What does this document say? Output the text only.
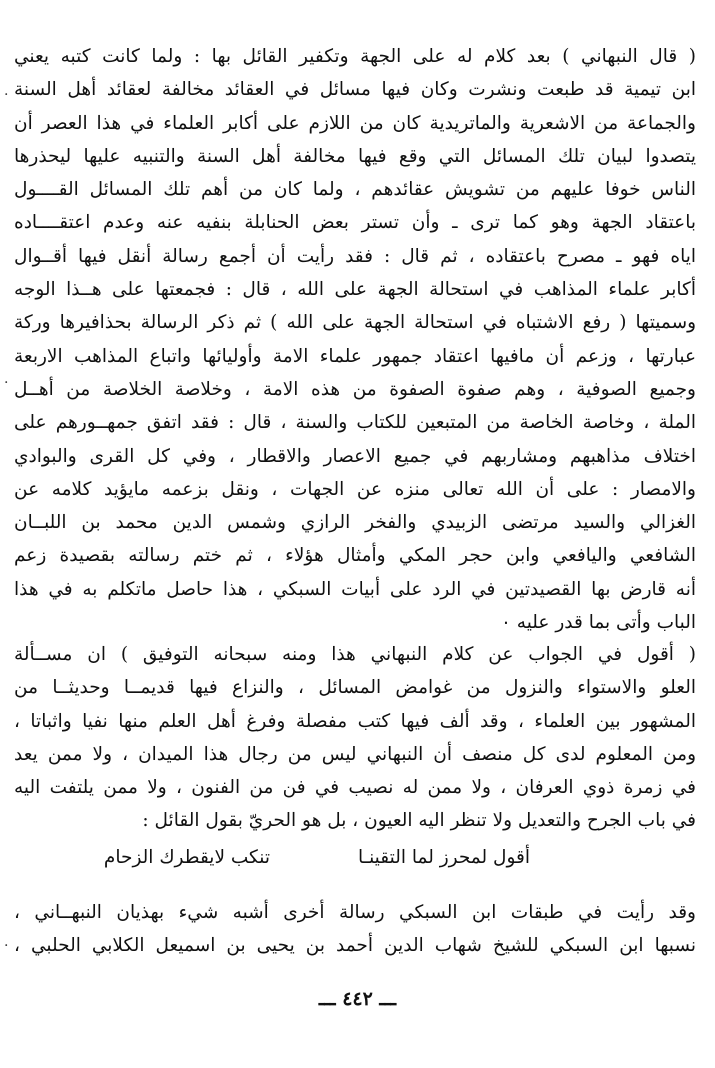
( قال النبهاني ) بعد كلام له على الجهة وتكفير القائل بها : ولما كانت كتبه يعني
ابن تيمية قد طبعت ونشرت وكان فيها مسائل في العقائد مخالفة لعقائد أهل السنة
والجماعة من الاشعرية والماتريدية كان من اللازم على أكابر العلماء في هذا العصر أن
يتصدوا لبيان تلك المسائل التي وقع فيها مخالفة أهل السنة والتنبيه عليها ليحذرها
الناس خوفا عليهم من تشويش عقائدهم ، ولما كان من أهم تلك المسائل القــــول
باعتقاد الجهة وهو كما ترى ـ وأن تستر بعض الحنابلة بنفيه عنه وعدم اعتقــــاده
اياه فهو ـ مصرح باعتقاده ، ثم قال : فقد رأيت أن أجمع رسالة أنقل فيها أقــوال
أكابر علماء المذاهب في استحالة الجهة على الله ، قال : فجمعتها على هــذا الوجه
وسميتها ( رفع الاشتباه في استحالة الجهة على الله ) ثم ذكر الرسالة بحذافيرها وركة
عبارتها ، وزعم أن مافيها اعتقاد جمهور علماء الامة وأوليائها واتباع المذاهب الاربعة
وجميع الصوفية ، وهم صفوة الصفوة من هذه الامة ، وخلاصة الخلاصة من أهــل
الملة ، وخاصة الخاصة من المتبعين للكتاب والسنة ، قال : فقد اتفق جمهــورهم على
اختلاف مذاهبهم ومشاربهم في جميع الاعصار والاقطار ، وفي كل القرى والبوادي
والامصار : على أن الله تعالى منزه عن الجهات ، ونقل بزعمه مايؤيد كلامه عن
الغزالي والسيد مرتضى الزبيدي والفخر الرازي وشمس الدين محمد بن اللبــان
الشافعي واليافعي وابن حجر المكي وأمثال هؤلاء ، ثم ختم رسالته بقصيدة زعم
أنه قارض بها القصيدتين في الرد على أبيات السبكي ، هذا حاصل ماتكلم به في هذا
الباب وأتى بما قدر عليه ٠
( أقول في الجواب عن كلام النبهاني هذا ومنه سبحانه التوفيق ) ان مســألة
العلو والاستواء والنزول من غوامض المسائل ، والنزاع فيها قديمــا وحديثــا من
المشهور بين العلماء ، وقد ألف فيها كتب مفصلة وفرغ أهل العلم منها نفيا واثباتا ،
ومن المعلوم لدى كل منصف أن النبهاني ليس من رجال هذا الميدان ، ولا ممن يعد
في زمرة ذوي العرفان ، ولا ممن له نصيب في فن من الفنون ، ولا ممن يلتفت اليه
في باب الجرح والتعديل ولا تنظر اليه العيون ، بل هو الحريّ بقول القائل :
أقول لمحرز لما التقينـا
تنكب لايقطرك الزحام
وقد رأيت في طبقات ابن السبكي رسالة أخرى أشبه شيء بهذيان النبهــاني ،
نسبها ابن السبكي للشيخ شهاب الدين أحمد بن يحيى بن اسميعل الكلابي الحلبي ،
ـــ ٤٤٢ ـــ
.
.
.
